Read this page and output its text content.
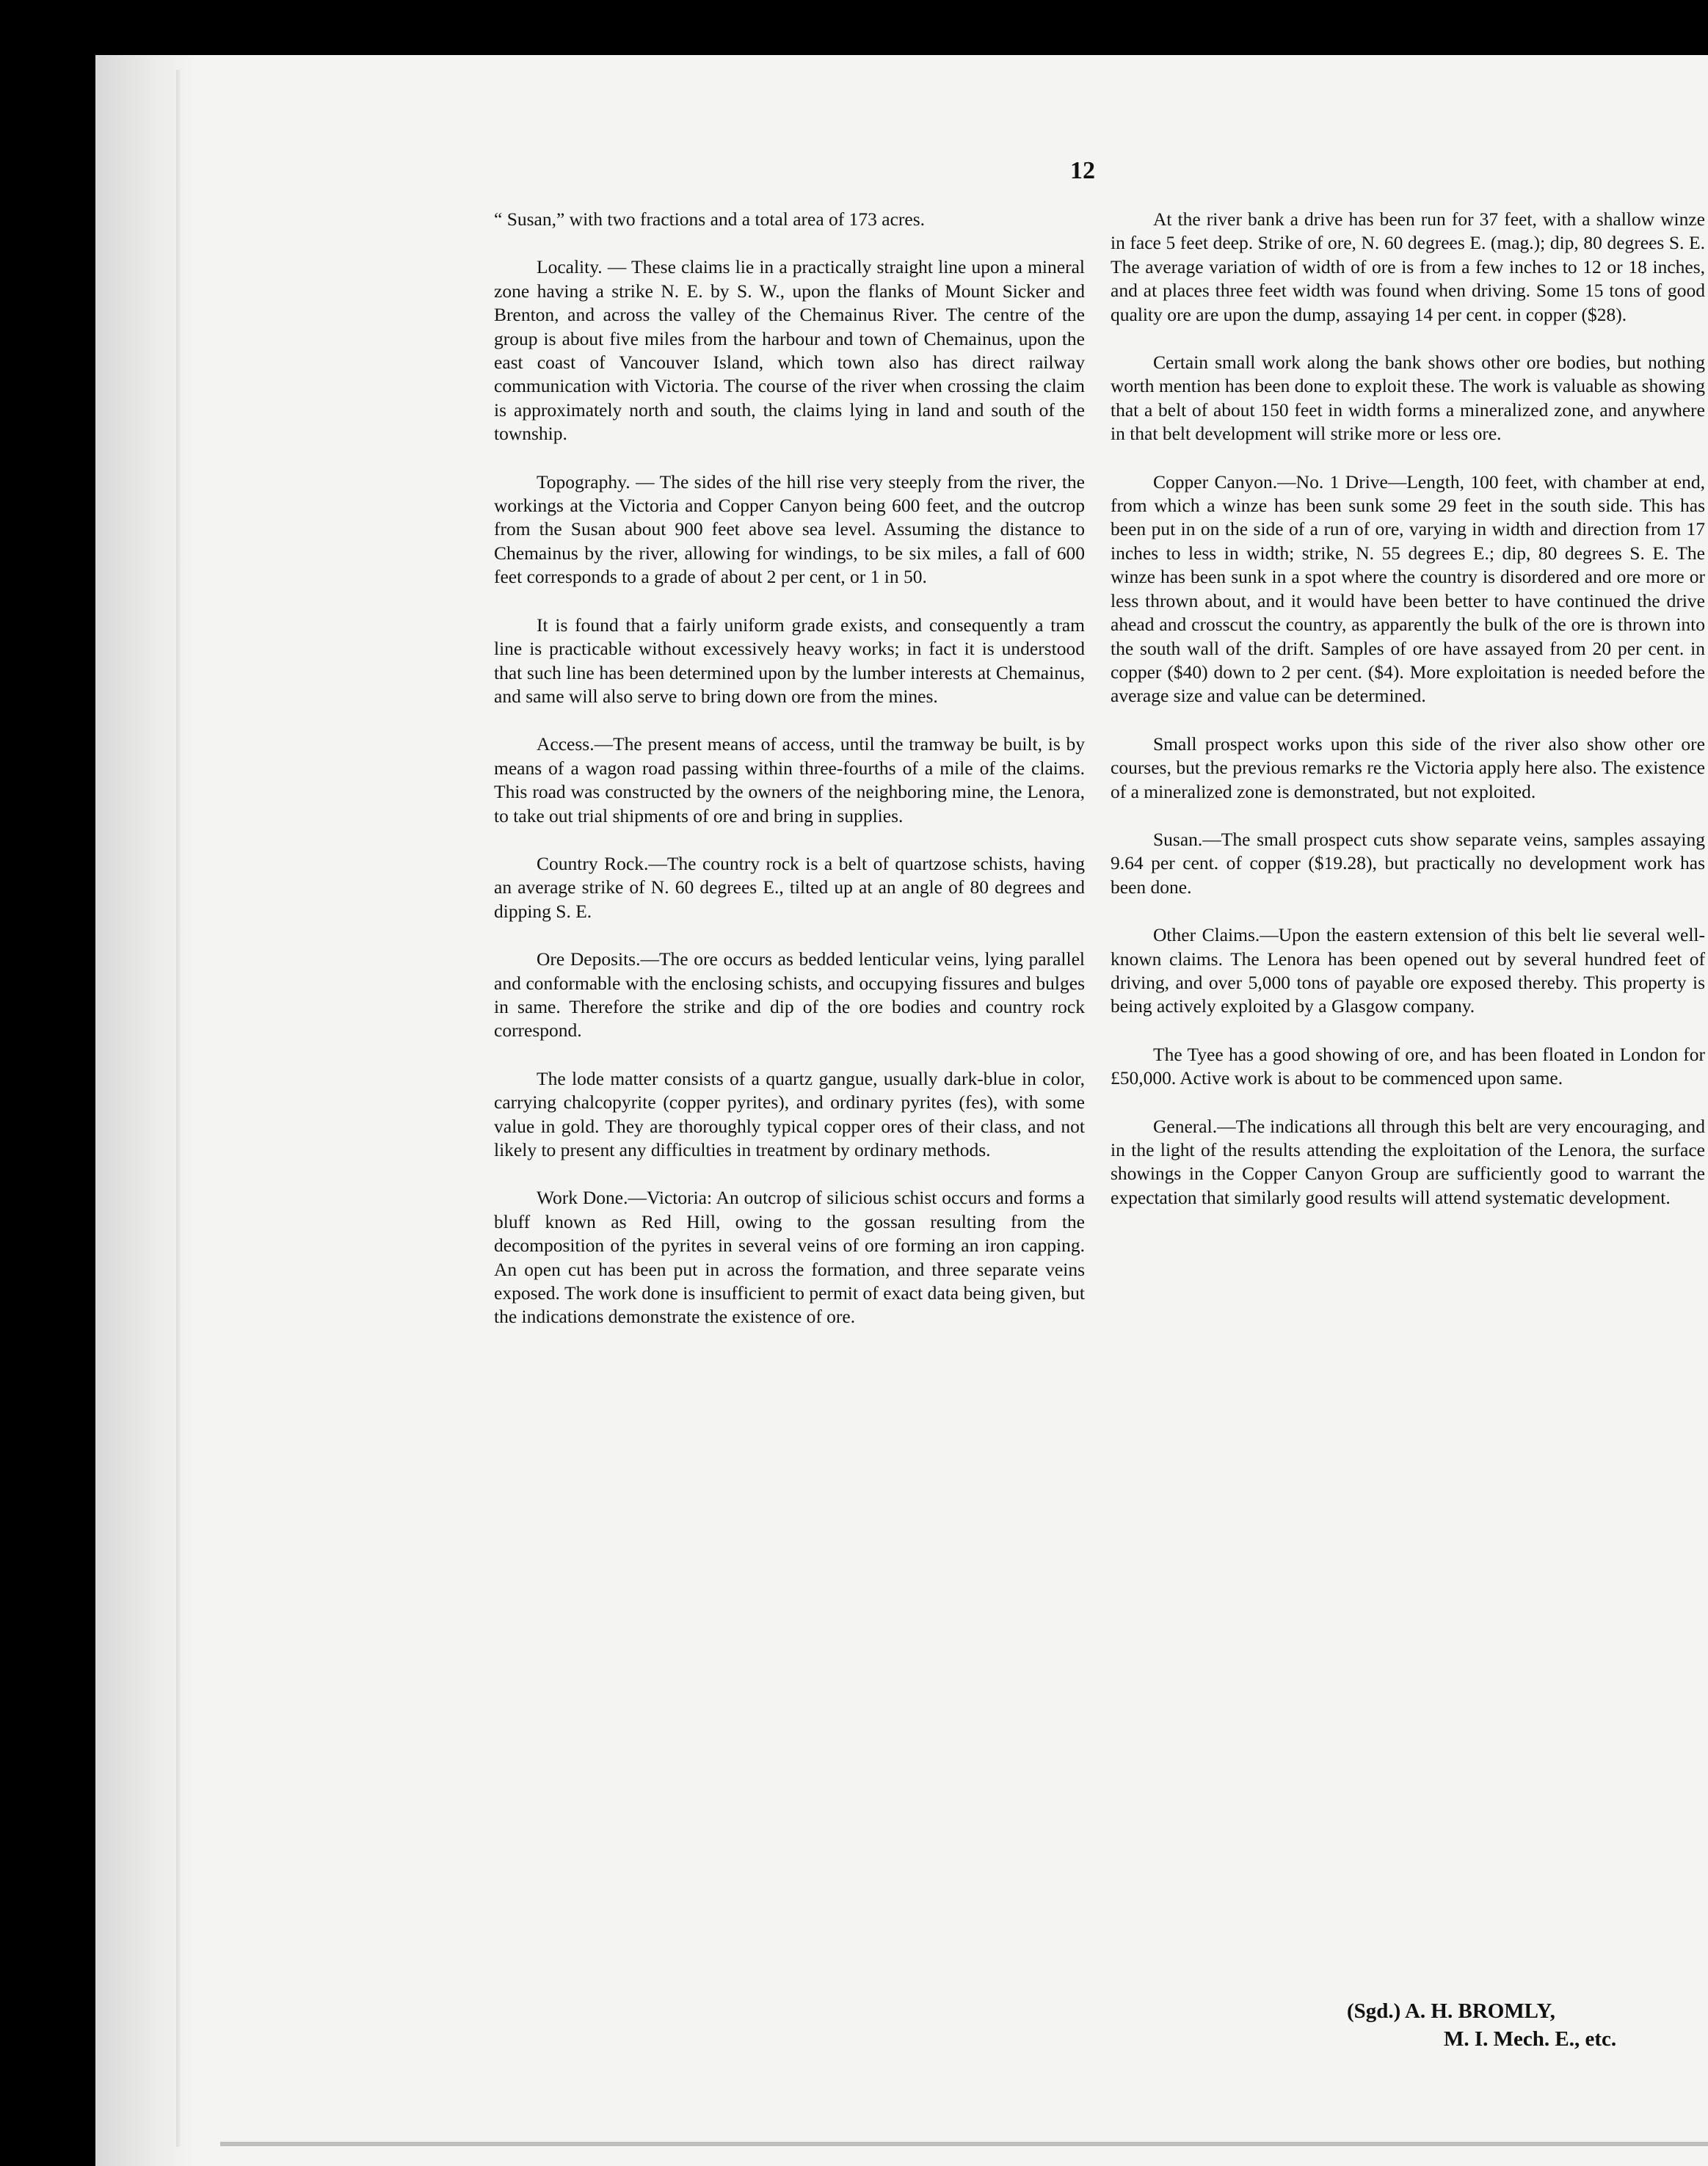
12

“ Susan,” with two fractions and a total area of 173 acres.

Locality. — These claims lie in a practically straight line upon a mineral zone having a strike N. E. by S. W., upon the flanks of Mount Sicker and Brenton, and across the valley of the Chemainus River. The centre of the group is about five miles from the harbour and town of Chemainus, upon the east coast of Vancouver Island, which town also has direct railway communication with Victoria. The course of the river when crossing the claim is approximately north and south, the claims lying in land and south of the township.

Topography. — The sides of the hill rise very steeply from the river, the workings at the Victoria and Copper Canyon being 600 feet, and the outcrop from the Susan about 900 feet above sea level. Assuming the distance to Chemainus by the river, allowing for windings, to be six miles, a fall of 600 feet corresponds to a grade of about 2 per cent, or 1 in 50.

It is found that a fairly uniform grade exists, and consequently a tram line is practicable without excessively heavy works; in fact it is understood that such line has been determined upon by the lumber interests at Chemainus, and same will also serve to bring down ore from the mines.

Access.—The present means of access, until the tramway be built, is by means of a wagon road passing within three-fourths of a mile of the claims. This road was constructed by the owners of the neighboring mine, the Lenora, to take out trial shipments of ore and bring in supplies.

Country Rock.—The country rock is a belt of quartzose schists, having an average strike of N. 60 degrees E., tilted up at an angle of 80 degrees and dipping S. E.

Ore Deposits.—The ore occurs as bedded lenticular veins, lying parallel and conformable with the enclosing schists, and occupying fissures and bulges in same. Therefore the strike and dip of the ore bodies and country rock correspond.

The lode matter consists of a quartz gangue, usually dark-blue in color, carrying chalcopyrite (copper pyrites), and ordinary pyrites (fes), with some value in gold. They are thoroughly typical copper ores of their class, and not likely to present any difficulties in treatment by ordinary methods.

Work Done.—Victoria: An outcrop of silicious schist occurs and forms a bluff known as Red Hill, owing to the gossan resulting from the decomposition of the pyrites in several veins of ore forming an iron capping. An open cut has been put in across the formation, and three separate veins exposed. The work done is insufficient to permit of exact data being given, but the indications demonstrate the existence of ore.

At the river bank a drive has been run for 37 feet, with a shallow winze in face 5 feet deep. Strike of ore, N. 60 degrees E. (mag.); dip, 80 degrees S. E. The average variation of width of ore is from a few inches to 12 or 18 inches, and at places three feet width was found when driving. Some 15 tons of good quality ore are upon the dump, assaying 14 per cent. in copper ($28).

Certain small work along the bank shows other ore bodies, but nothing worth mention has been done to exploit these. The work is valuable as showing that a belt of about 150 feet in width forms a mineralized zone, and anywhere in that belt development will strike more or less ore.

Copper Canyon.—No. 1 Drive—Length, 100 feet, with chamber at end, from which a winze has been sunk some 29 feet in the south side. This has been put in on the side of a run of ore, varying in width and direction from 17 inches to less in width; strike, N. 55 degrees E.; dip, 80 degrees S. E. The winze has been sunk in a spot where the country is disordered and ore more or less thrown about, and it would have been better to have continued the drive ahead and crosscut the country, as apparently the bulk of the ore is thrown into the south wall of the drift. Samples of ore have assayed from 20 per cent. in copper ($40) down to 2 per cent. ($4). More exploitation is needed before the average size and value can be determined.

Small prospect works upon this side of the river also show other ore courses, but the previous remarks re the Victoria apply here also. The existence of a mineralized zone is demonstrated, but not exploited.

Susan.—The small prospect cuts show separate veins, samples assaying 9.64 per cent. of copper ($19.28), but practically no development work has been done.

Other Claims.—Upon the eastern extension of this belt lie several well-known claims. The Lenora has been opened out by several hundred feet of driving, and over 5,000 tons of payable ore exposed thereby. This property is being actively exploited by a Glasgow company.

The Tyee has a good showing of ore, and has been floated in London for £50,000. Active work is about to be commenced upon same.

General.—The indications all through this belt are very encouraging, and in the light of the results attending the exploitation of the Lenora, the surface showings in the Copper Canyon Group are sufficiently good to warrant the expectation that similarly good results will attend systematic development.

(Sgd.) A. H. BROMLY,
M. I. Mech. E., etc.
